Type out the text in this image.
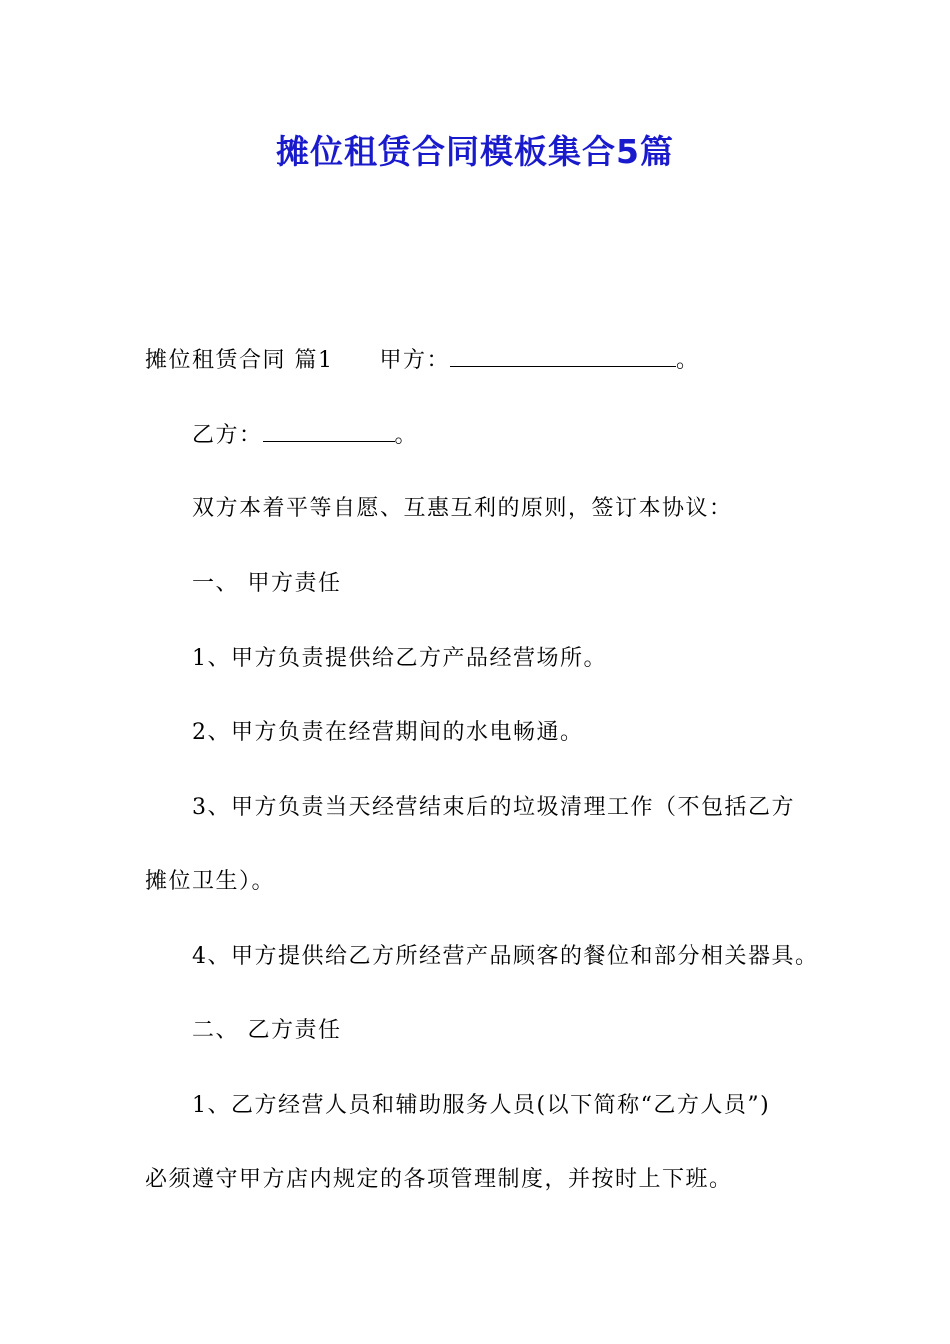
摊位租赁合同模板集合5篇
摊位租赁合同 篇1 甲方：	。
乙方：	。
双方本着平等自愿、互惠互利的原则，签订本协议：
一、 甲方责任
1、甲方负责提供给乙方产品经营场所。
2、甲方负责在经营期间的水电畅通。
3、甲方负责当天经营结束后的垃圾清理工作（不包括乙方
摊位卫生）。
4、甲方提供给乙方所经营产品顾客的餐位和部分相关器具。
二、 乙方责任
1、乙方经营人员和辅助服务人员(以下简称“乙方人员”)
必须遵守甲方店内规定的各项管理制度，并按时上下班。
